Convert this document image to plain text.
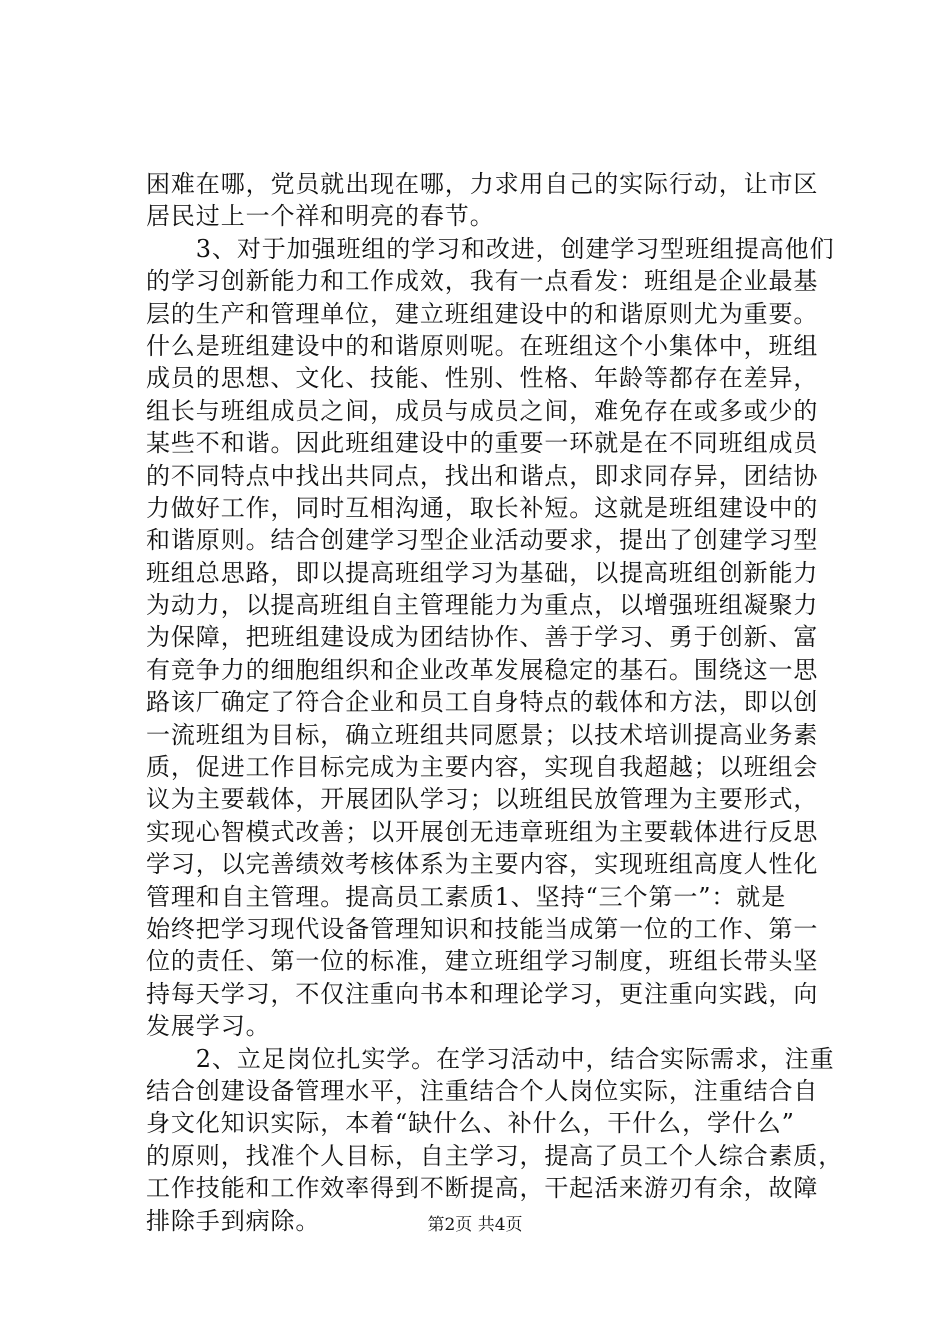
困难在哪，党员就出现在哪，力求用自己的实际行动，让市区
居民过上一个祥和明亮的春节。
　　3、对于加强班组的学习和改进，创建学习型班组提高他们
的学习创新能力和工作成效，我有一点看发：班组是企业最基
层的生产和管理单位，建立班组建设中的和谐原则尤为重要。
什么是班组建设中的和谐原则呢。在班组这个小集体中，班组
成员的思想、文化、技能、性别、性格、年龄等都存在差异，
组长与班组成员之间，成员与成员之间，难免存在或多或少的
某些不和谐。因此班组建设中的重要一环就是在不同班组成员
的不同特点中找出共同点，找出和谐点，即求同存异，团结协
力做好工作，同时互相沟通，取长补短。这就是班组建设中的
和谐原则。结合创建学习型企业活动要求，提出了创建学习型
班组总思路，即以提高班组学习为基础，以提高班组创新能力
为动力，以提高班组自主管理能力为重点，以增强班组凝聚力
为保障，把班组建设成为团结协作、善于学习、勇于创新、富
有竞争力的细胞组织和企业改革发展稳定的基石。围绕这一思
路该厂确定了符合企业和员工自身特点的载体和方法，即以创
一流班组为目标，确立班组共同愿景；以技术培训提高业务素
质，促进工作目标完成为主要内容，实现自我超越；以班组会
议为主要载体，开展团队学习；以班组民放管理为主要形式，
实现心智模式改善；以开展创无违章班组为主要载体进行反思
学习，以完善绩效考核体系为主要内容，实现班组高度人性化
管理和自主管理。提高员工素质1、坚持“三个第一”：就是
始终把学习现代设备管理知识和技能当成第一位的工作、第一
位的责任、第一位的标准，建立班组学习制度，班组长带头坚
持每天学习，不仅注重向书本和理论学习，更注重向实践，向
发展学习。
　　2、立足岗位扎实学。在学习活动中，结合实际需求，注重
结合创建设备管理水平，注重结合个人岗位实际，注重结合自
身文化知识实际，本着“缺什么、补什么，干什么，学什么”
的原则，找准个人目标，自主学习，提高了员工个人综合素质，
工作技能和工作效率得到不断提高，干起活来游刃有余，故障
排除手到病除。	第2页 共4页
